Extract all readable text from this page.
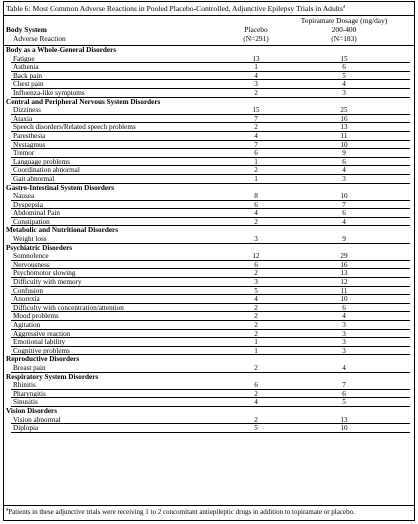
Table 6: Most Common Adverse Reactions in Pooled Placebo-Controlled, Adjunctive Epilepsy Trials in Adults$^a$
Body System
Adverse Reaction
Placebo
(N=291)
Topiramate Dosage (mg/day)
200-400
(N=183)
Body as a Whole-General Disorders
Fatigue	13	15
Asthenia	1	6
Back pain	4	5
Chest pain	3	4
Influenza-like symptoms	2	3
Central and Peripheral Nervous System Disorders
Dizziness	15	25
Ataxia	7	16
Speech disorders/Related speech problems	2	13
Paresthesia	4	11
Nystagmus	7	10
Tremor	6	9
Language problems	1	6
Coordination abnormal	2	4
Gait abnormal	1	3
Gastro-Intestinal System Disorders
Nausea	8	10
Dyspepsia	6	7
Abdominal Pain	4	6
Constipation	2	4
Metabolic and Nutritional Disorders
Weight loss	3	9
Psychiatric Disorders
Somnolence	12	29
Nervousness	6	16
Psychomotor slowing	2	13
Difficulty with memory	3	12
Confusion	5	11
Anorexia	4	10
Difficulty with concentration/attention	2	6
Mood problems	2	4
Agitation	2	3
Aggressive reaction	2	3
Emotional lability	1	3
Cognitive problems	1	3
Reproductive Disorders
Breast pain	2	4
Respiratory System Disorders
Rhinitis	6	7
Pharyngitis	2	6
Sinusitis	4	5
Vision Disorders
Vision abnormal	2	13
Diplopia	5	10
$^a$Patients in these adjunctive trials were receiving 1 to 2 concomitant antiepileptic drugs in addition to topiramate or placebo.
